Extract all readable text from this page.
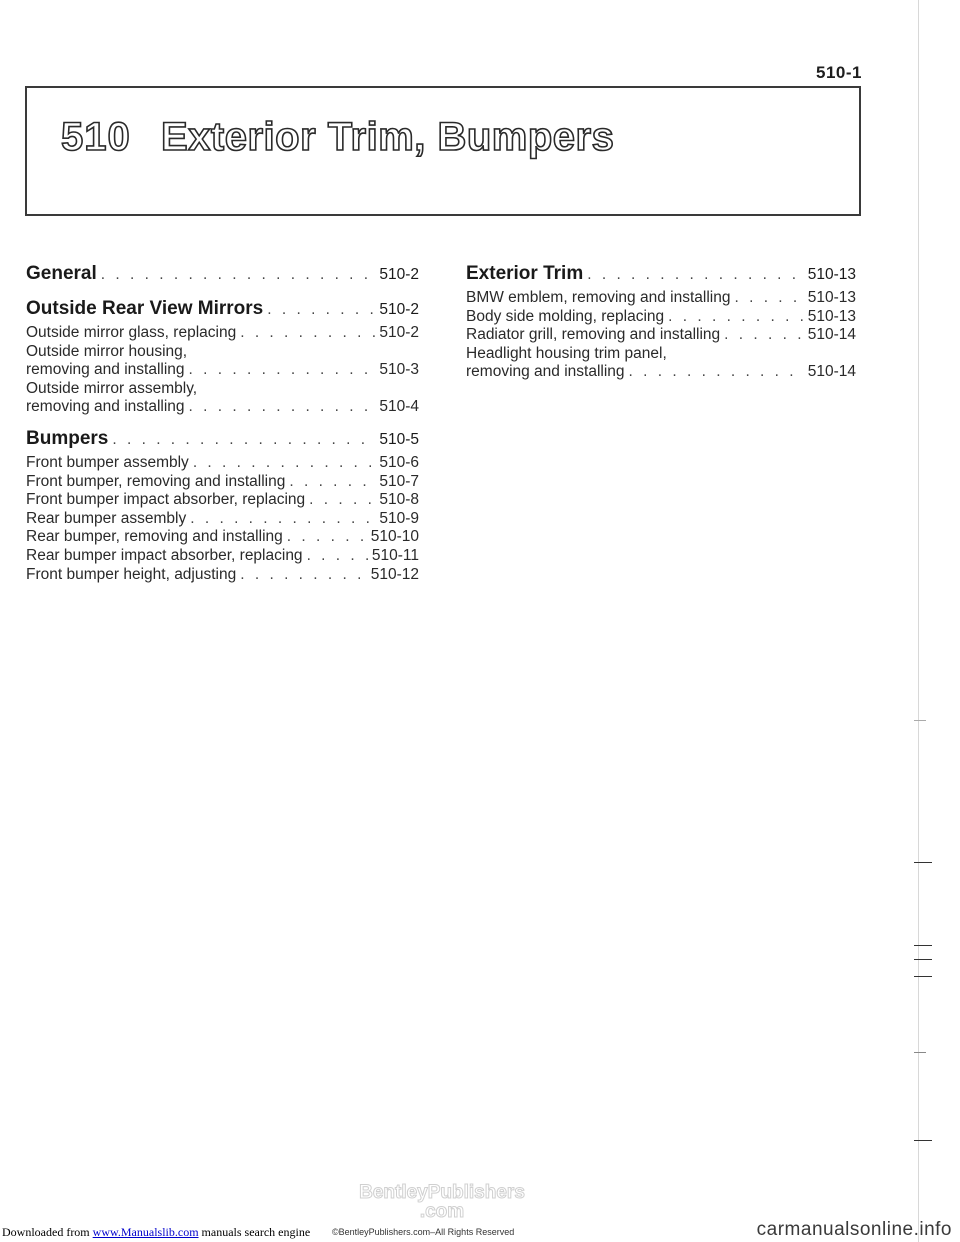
510-1
510 Exterior Trim, Bumpers
General . . .	510-2
Outside Rear View Mirrors . . .	510-2
Outside mirror glass, replacing . . .	510-2
Outside mirror housing,
removing and installing . . .	510-3
Outside mirror assembly,
removing and installing . . .	510-4
Bumpers . . .	510-5
Front bumper assembly . . .	510-6
Front bumper, removing and installing . . .	510-7
Front bumper impact absorber, replacing . . .	510-8
Rear bumper assembly . . .	510-9
Rear bumper, removing and installing . . .	510-10
Rear bumper impact absorber, replacing . . .	510-11
Front bumper height, adjusting . . .	510-12
Exterior Trim . . .	510-13
BMW emblem, removing and installing . . .	510-13
Body side molding, replacing . . .	510-13
Radiator grill, removing and installing . . .	510-14
Headlight housing trim panel,
removing and installing . . .	510-14
BentleyPublishers
.com
Downloaded from www.Manualslib.com manuals search engine ©BentleyPublishers.com–All Rights Reserved	carmanualsonline.info
